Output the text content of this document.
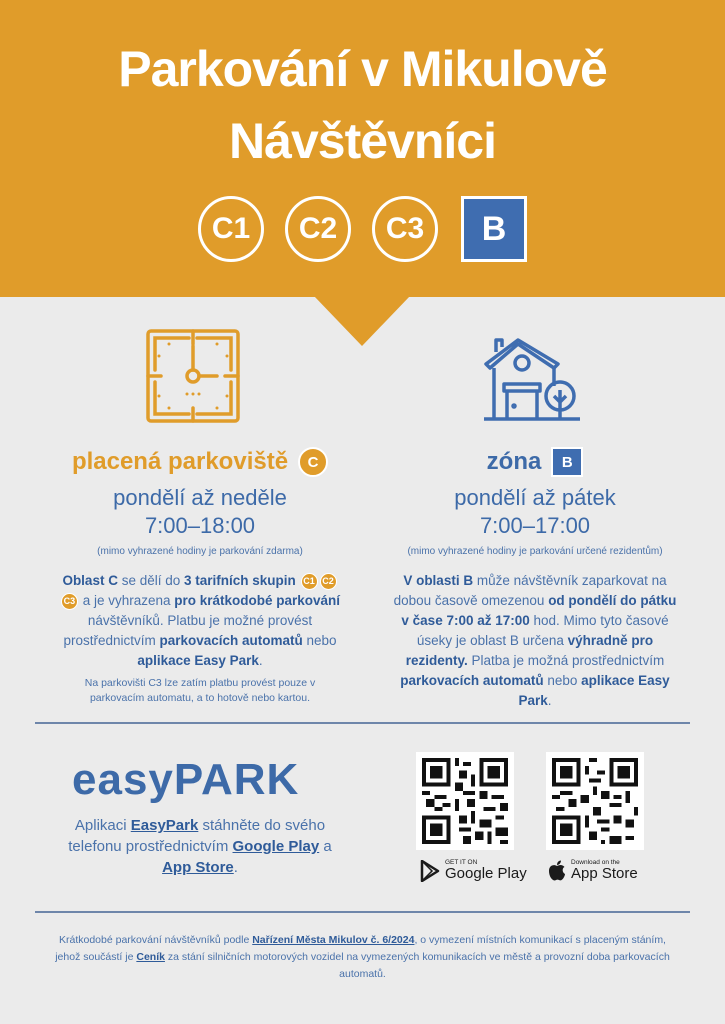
Parkování v Mikulově
Návštěvníci
C1	C2	C3	B
placená parkoviště	C
pondělí až neděle
7:00–18:00
(mimo vyhrazené hodiny je parkování zdarma)
Oblast C se dělí do 3 tarifních skupin C1 C2C3 a je vyhrazena pro krátkodobé parkování návštěvníků. Platbu je možné provést prostřednictvím parkovacích automatů nebo aplikace Easy Park.
Na parkovišti C3 lze zatím platbu provést pouze v parkovacím automatu, a to hotově nebo kartou.
zóna	B
pondělí až pátek
7:00–17:00
(mimo vyhrazené hodiny je parkování určené rezidentům)
V oblasti B může návštěvník zaparkovat na dobou časově omezenou od pondělí do pátku v čase 7:00 až 17:00 hod. Mimo tyto časové úseky je oblast B určena výhradně pro rezidenty. Platba je možná prostřednictvím parkovacích automatů nebo aplikace Easy Park.
easyPARK
Aplikaci EasyPark stáhněte do svého telefonu prostřednictvím Google Play a App Store.	GET IT ON
Google Play
Download on the
App Store
Krátkodobé parkování návštěvníků podle Nařízení Města Mikulov č. 6/2024, o vymezení místních komunikací s placeným stáním, jehož součástí je Ceník za stání silničních motorových vozidel na vymezených komunikacích ve městě a provozní doba parkovacích automatů.
